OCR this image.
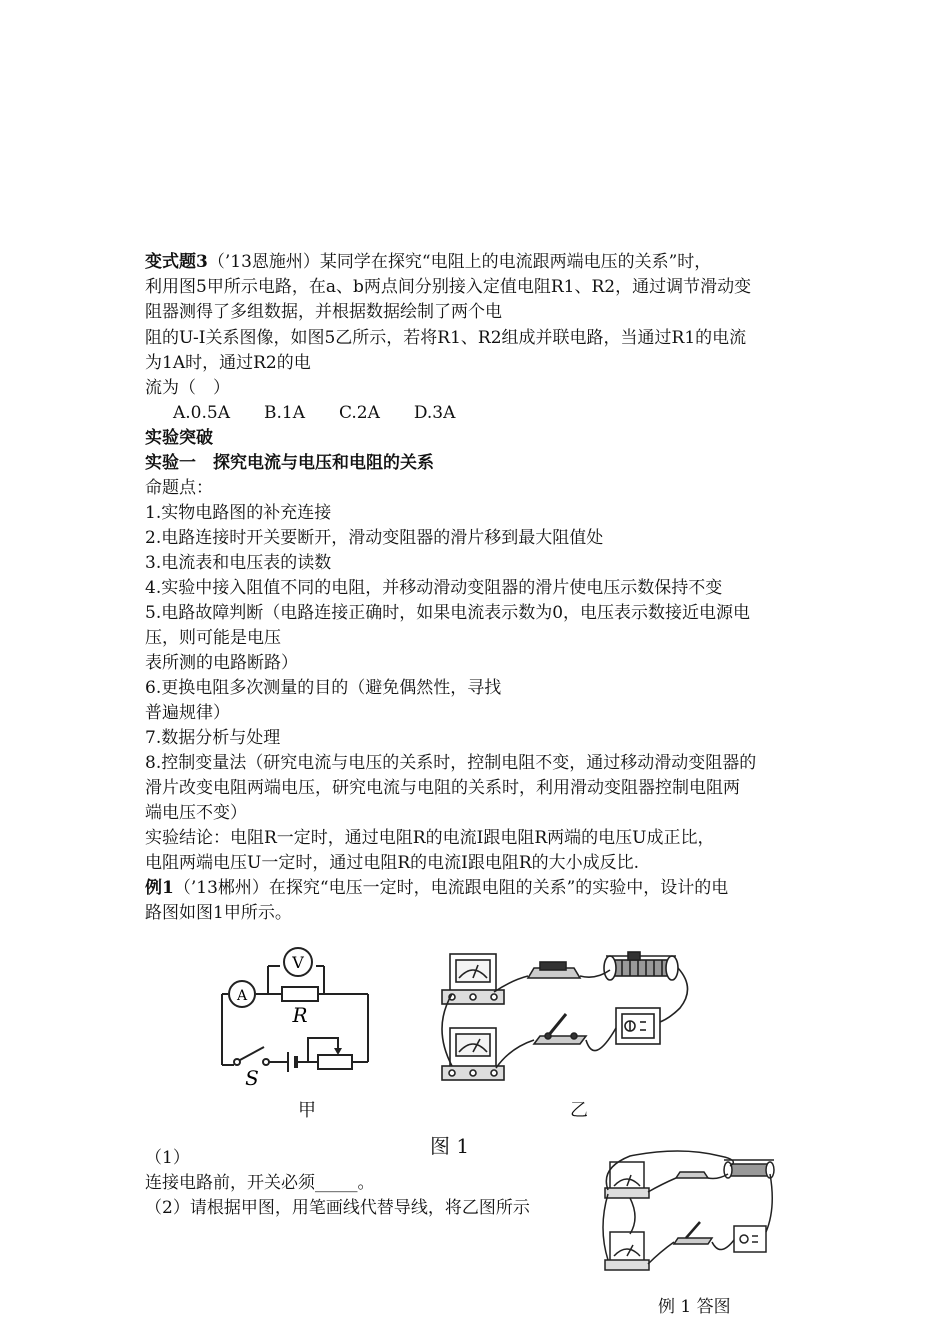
变式题3（’13恩施州）某同学在探究“电阻上的电流跟两端电压的关系”时，
利用图5甲所示电路，在a、b两点间分别接入定值电阻R1、R2，通过调节滑动变
阻器测得了多组数据，并根据数据绘制了两个电
阻的U-I关系图像，如图5乙所示，若将R1、R2组成并联电路，当通过R1的电流
为1A时，通过R2的电
流为（　）
A.0.5A　　B.1A　　C.2A　　D.3A
实验突破
实验一　探究电流与电压和电阻的关系
命题点：
1.实物电路图的补充连接
2.电路连接时开关要断开，滑动变阻器的滑片移到最大阻值处
3.电流表和电压表的读数
4.实验中接入阻值不同的电阻，并移动滑动变阻器的滑片使电压示数保持不变
5.电路故障判断（电路连接正确时，如果电流表示数为0，电压表示数接近电源电
压，则可能是电压
表所测的电路断路）
6.更换电阻多次测量的目的（避免偶然性，寻找
普遍规律）
7.数据分析与处理
8.控制变量法（研究电流与电压的关系时，控制电阻不变，通过移动滑动变阻器的
滑片改变电阻两端电压，研究电流与电阻的关系时，利用滑动变阻器控制电阻两
端电压不变）
实验结论：电阻R一定时，通过电阻R的电流I跟电阻R两端的电压U成正比，
电阻两端电压U一定时，通过电阻R的电流I跟电阻R的大小成反比.
例1（’13郴州）在探究“电压一定时，电流跟电阻的关系”的实验中，设计的电
路图如图1甲所示。
V
A
R
S
甲	乙
图 1
（1）
连接电路前，开关必须_____。
（2）请根据甲图，用笔画线代替导线，将乙图所示
例 1 答图
